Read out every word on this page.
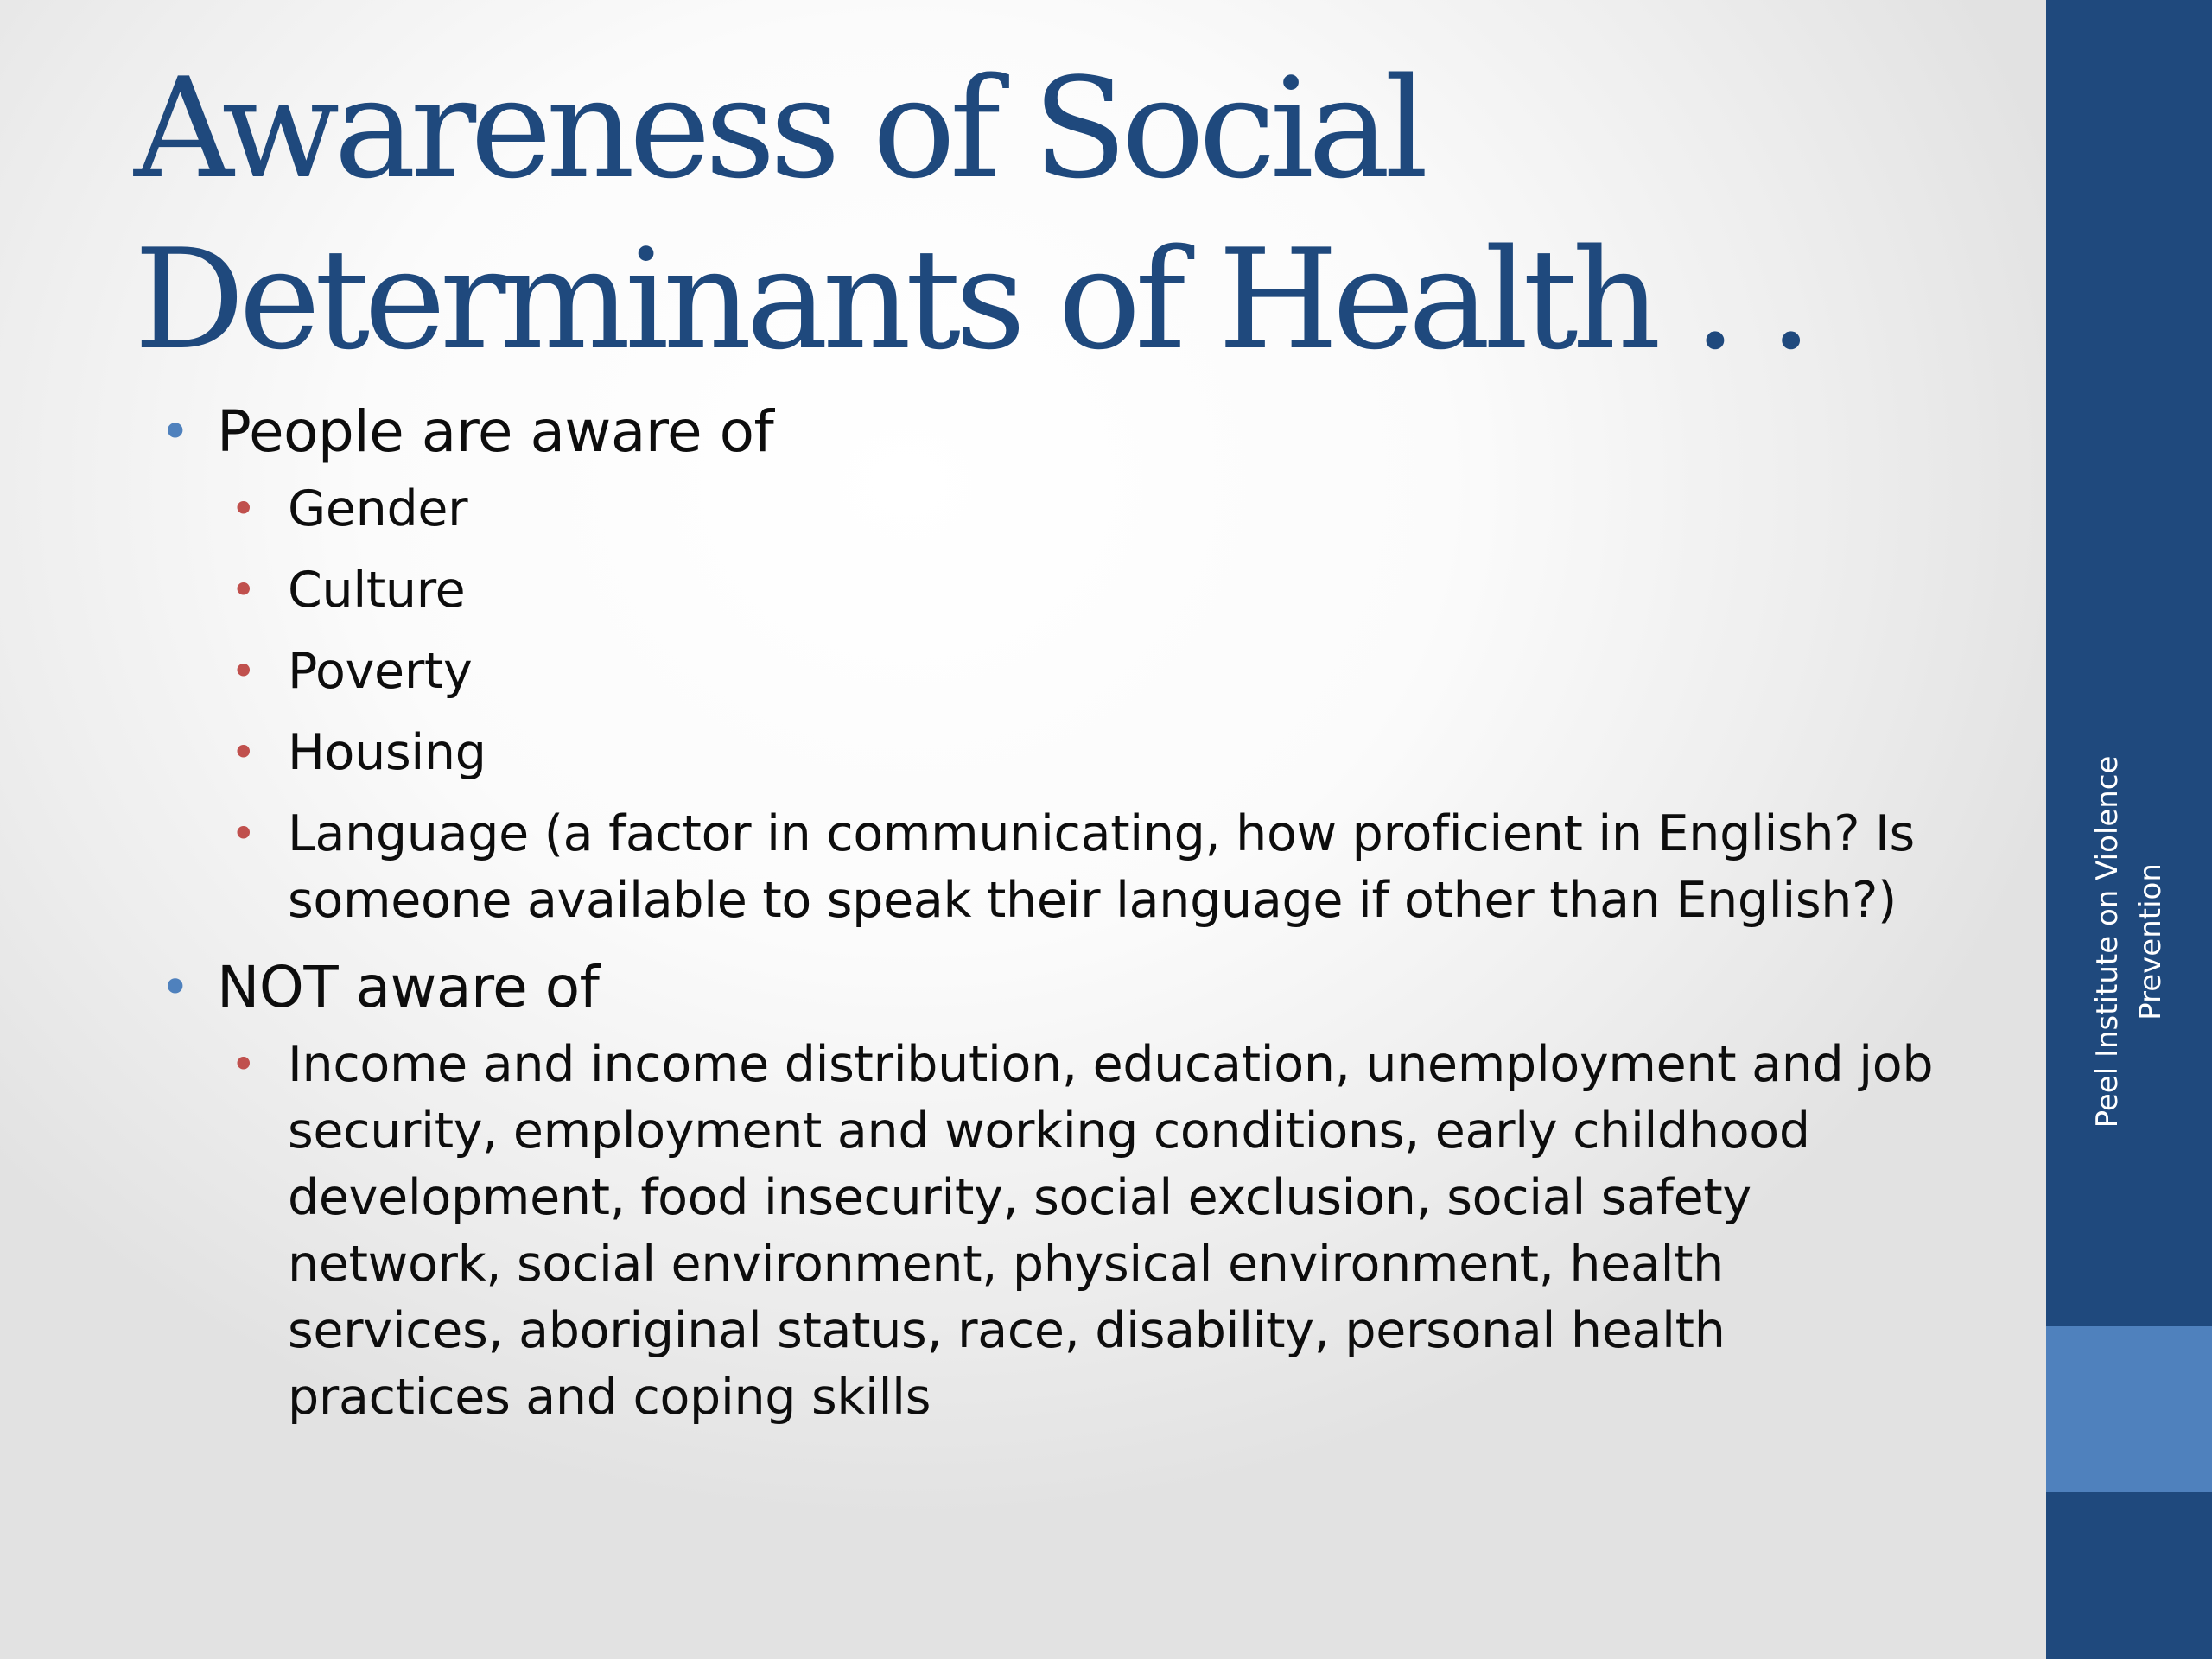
Awareness of Social
Determinants of Health . .
• People are aware of
• Gender
• Culture
• Poverty
• Housing
• Language (a factor in communicating, how proficient in English? Is someone available to speak their language if other than English?)
• NOT aware of
• Income and income distribution, education, unemployment and job security, employment and working conditions, early childhood development, food insecurity, social exclusion, social safety network, social environment, physical environment, health services, aboriginal status, race, disability, personal health practices and coping skills
Peel Institute on Violence Prevention
